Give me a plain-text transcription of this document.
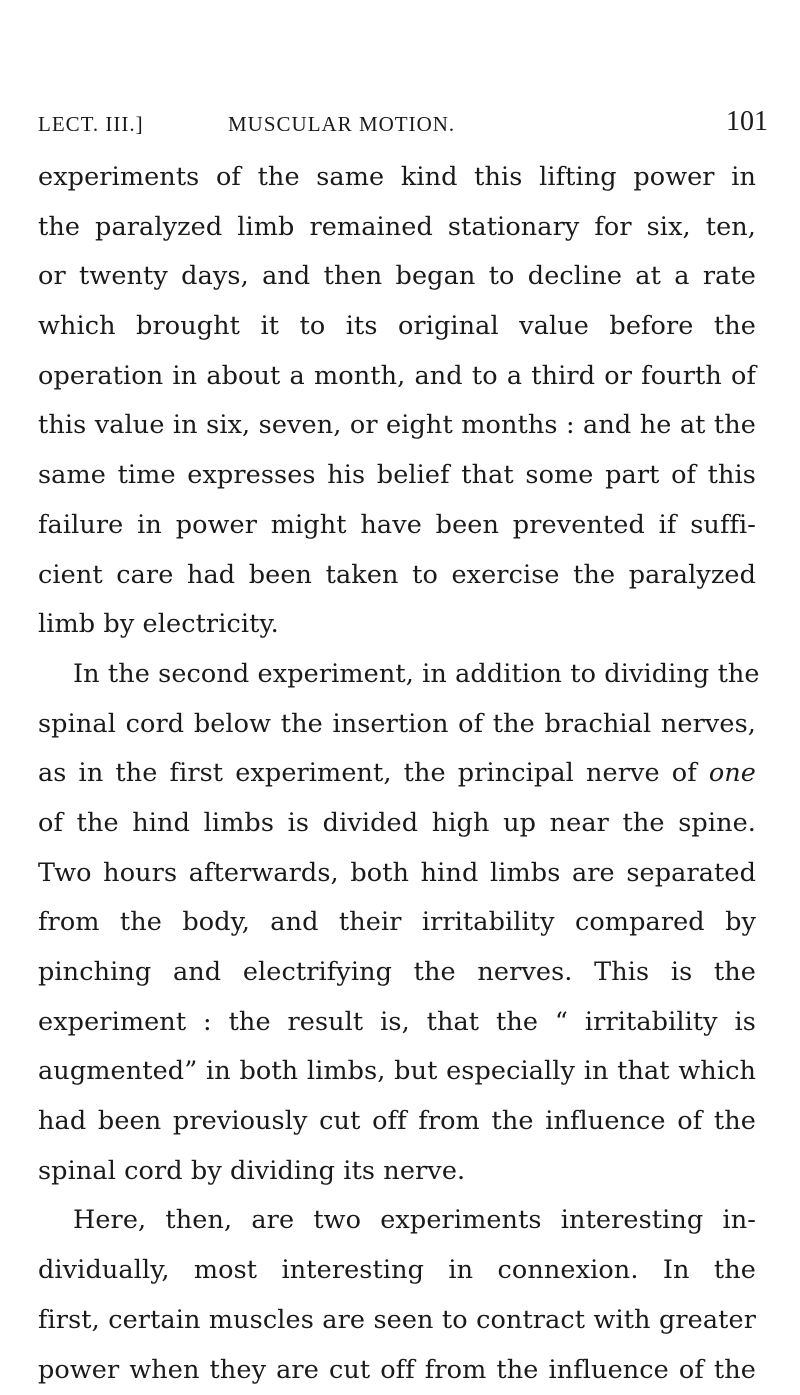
LECT. III.]	MUSCULAR MOTION.	101
experiments of the same kind this lifting power in
the paralyzed limb remained stationary for six, ten,
or twenty days, and then began to decline at a rate
which brought it to its original value before the
operation in about a month, and to a third or fourth of
this value in six, seven, or eight months : and he at the
same time expresses his belief that some part of this
failure in power might have been prevented if suffi-
cient care had been taken to exercise the paralyzed
limb by electricity.
In the second experiment, in addition to dividing the
spinal cord below the insertion of the brachial nerves,
as in the first experiment, the principal nerve of one
of the hind limbs is divided high up near the spine.
Two hours afterwards, both hind limbs are separated
from the body, and their irritability compared by
pinching and electrifying the nerves. This is the
experiment : the result is, that the “ irritability is
augmented” in both limbs, but especially in that which
had been previously cut off from the influence of the
spinal cord by dividing its nerve.
Here, then, are two experiments interesting in-
dividually, most interesting in connexion. In the
first, certain muscles are seen to contract with greater
power when they are cut off from the influence of the
